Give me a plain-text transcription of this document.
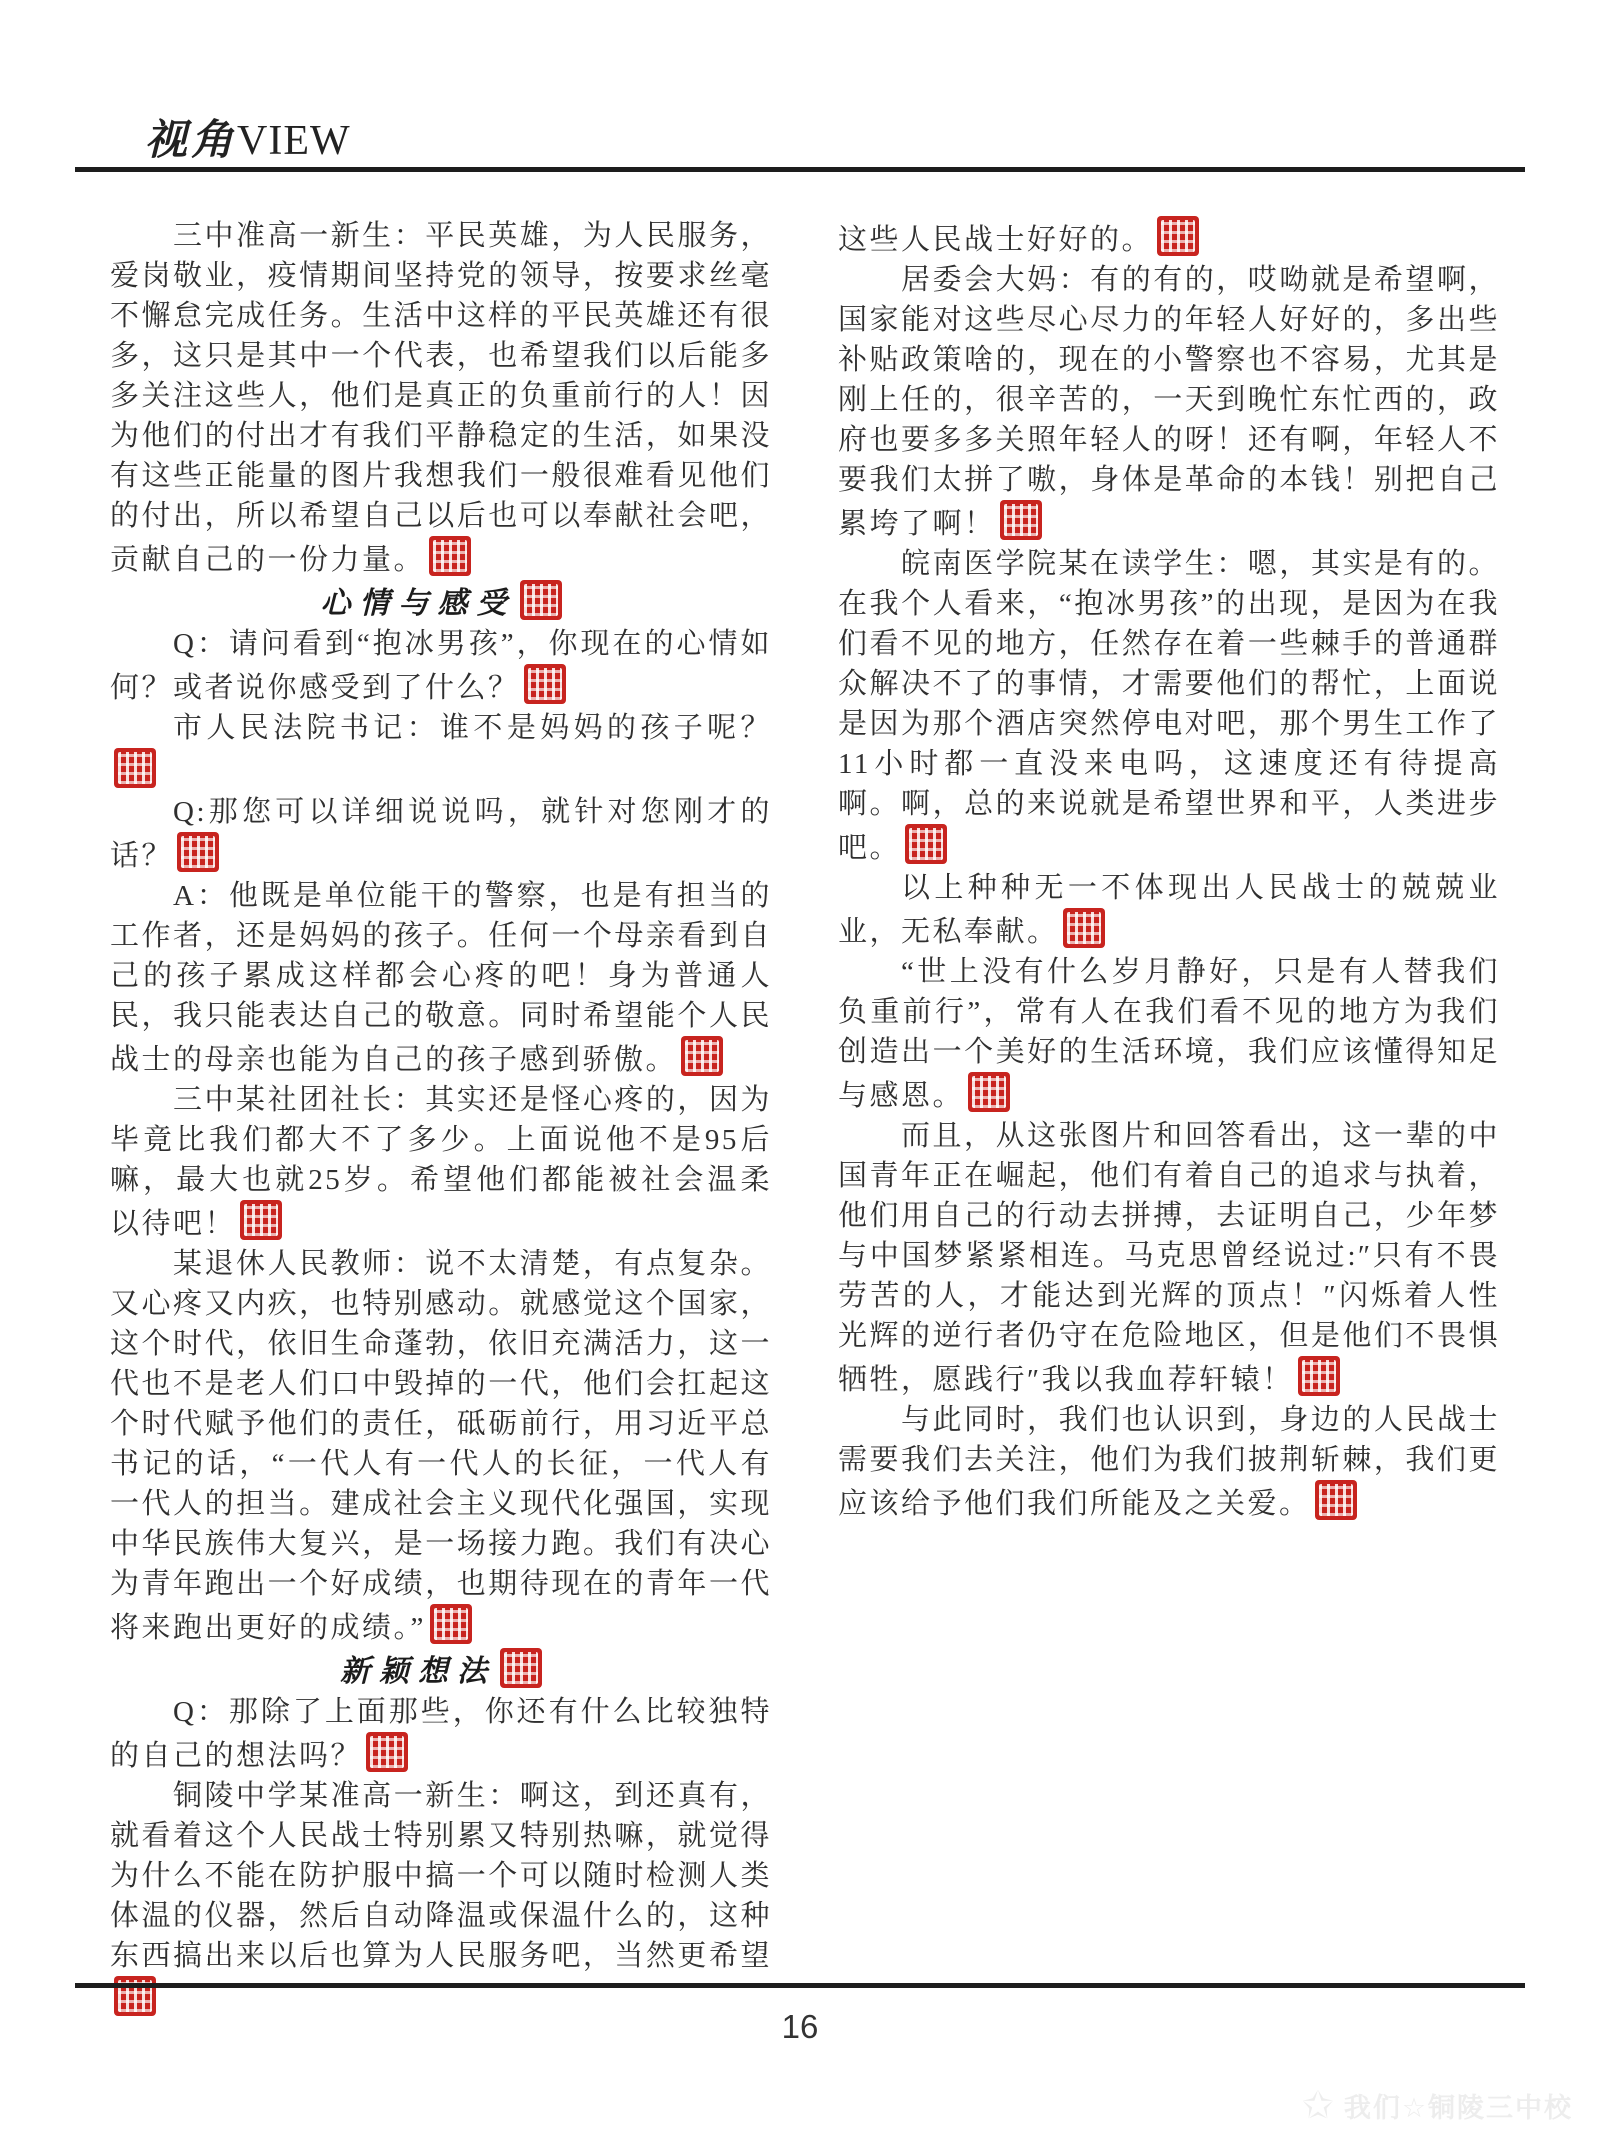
视角VIEW

三中准高一新生：平民英雄，为人民服务，爱岗敬业，疫情期间坚持党的领导，按要求丝毫不懈怠完成任务。生活中这样的平民英雄还有很多，这只是其中一个代表，也希望我们以后能多多关注这些人，他们是真正的负重前行的人！因为他们的付出才有我们平静稳定的生活，如果没有这些正能量的图片我想我们一般很难看见他们的付出，所以希望自己以后也可以奉献社会吧，贡献自己的一份力量。

心情与感受

Q：请问看到“抱冰男孩”，你现在的心情如何？或者说你感受到了什么？

市人民法院书记：谁不是妈妈的孩子呢？

Q:那您可以详细说说吗，就针对您刚才的话？

A：他既是单位能干的警察，也是有担当的工作者，还是妈妈的孩子。任何一个母亲看到自己的孩子累成这样都会心疼的吧！身为普通人民，我只能表达自己的敬意。同时希望能个人民战士的母亲也能为自己的孩子感到骄傲。

三中某社团社长：其实还是怪心疼的，因为毕竟比我们都大不了多少。上面说他不是95后嘛，最大也就25岁。希望他们都能被社会温柔以待吧！

某退休人民教师：说不太清楚，有点复杂。又心疼又内疚，也特别感动。就感觉这个国家，这个时代，依旧生命蓬勃，依旧充满活力，这一代也不是老人们口中毁掉的一代，他们会扛起这个时代赋予他们的责任，砥砺前行，用习近平总书记的话，“一代人有一代人的长征，一代人有一代人的担当。建成社会主义现代化强国，实现中华民族伟大复兴，是一场接力跑。我们有决心为青年跑出一个好成绩，也期待现在的青年一代将来跑出更好的成绩。”

新颖想法

Q：那除了上面那些，你还有什么比较独特的自己的想法吗？

铜陵中学某准高一新生：啊这，到还真有，就看着这个人民战士特别累又特别热嘛，就觉得为什么不能在防护服中搞一个可以随时检测人类体温的仪器，然后自动降温或保温什么的，这种东西搞出来以后也算为人民服务吧，当然更希望

这些人民战士好好的。

居委会大妈：有的有的，哎呦就是希望啊，国家能对这些尽心尽力的年轻人好好的，多出些补贴政策啥的，现在的小警察也不容易，尤其是刚上任的，很辛苦的，一天到晚忙东忙西的，政府也要多多关照年轻人的呀！还有啊，年轻人不要我们太拼了嗷，身体是革命的本钱！别把自己累垮了啊！

皖南医学院某在读学生：嗯，其实是有的。在我个人看来，“抱冰男孩”的出现，是因为在我们看不见的地方，任然存在着一些棘手的普通群众解决不了的事情，才需要他们的帮忙，上面说是因为那个酒店突然停电对吧，那个男生工作了11小时都一直没来电吗，这速度还有待提高啊。啊，总的来说就是希望世界和平，人类进步吧。

以上种种无一不体现出人民战士的兢兢业业，无私奉献。

“世上没有什么岁月静好，只是有人替我们负重前行”，常有人在我们看不见的地方为我们创造出一个美好的生活环境，我们应该懂得知足与感恩。

而且，从这张图片和回答看出，这一辈的中国青年正在崛起，他们有着自己的追求与执着，他们用自己的行动去拼搏，去证明自己，少年梦与中国梦紧紧相连。马克思曾经说过:″只有不畏劳苦的人，才能达到光辉的顶点！″闪烁着人性光辉的逆行者仍守在危险地区，但是他们不畏惧牺牲，愿践行″我以我血荐轩辕！

与此同时，我们也认识到，身边的人民战士需要我们去关注，他们为我们披荆斩棘，我们更应该给予他们我们所能及之关爱。

16
✩ 我们☆铜陵三中校
